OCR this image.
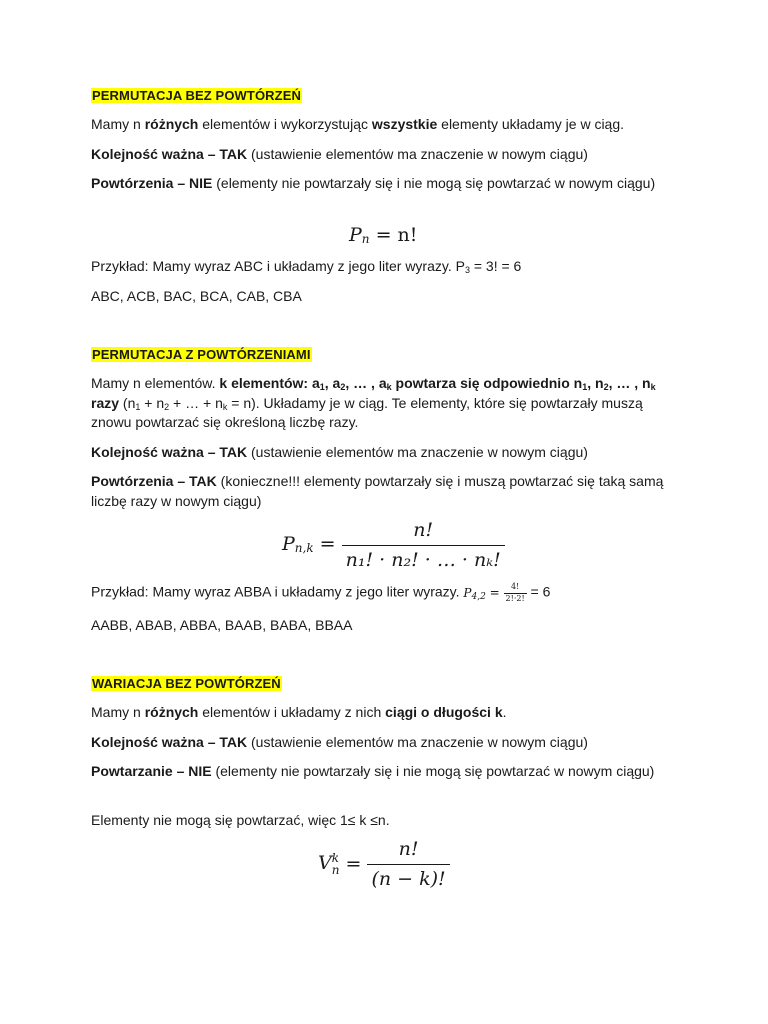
PERMUTACJA BEZ POWTÓRZEŃ
Mamy n różnych elementów i wykorzystując wszystkie elementy układamy je w ciąg.
Kolejność ważna – TAK (ustawienie elementów ma znaczenie w nowym ciągu)
Powtórzenia – NIE (elementy nie powtarzały się i nie mogą się powtarzać w nowym ciągu)
$P_n = n$!
Przykład: Mamy wyraz ABC i układamy z jego liter wyrazy. $P_3 = 3$! = 6
ABC, ACB, BAC, BCA, CAB, CBA
PERMUTACJA Z POWTÓRZENIAMI
Mamy n elementów. k elementów: $a_1$, $a_2$, … , $a_k$ powtarza się odpowiednio $n_1$, $n_2$, … , $n_k$ razy ($n_1 + n_2$ + … + $n_k = n$). Układamy je w ciąg. Te elementy, które się powtarzały muszą znowu powtarzać się określoną liczbę razy.
Kolejność ważna – TAK (ustawienie elementów ma znaczenie w nowym ciągu)
Powtórzenia – TAK (konieczne!!! elementy powtarzały się i muszą powtarzać się taką samą liczbę razy w nowym ciągu)
$P_{n,k} = \frac{n!}{\text{n₁! · n₂! · … · nₖ!}}$
Przykład: Mamy wyraz ABBA i układamy z jego liter wyrazy. $P_{4,2} = \frac{4!}{2!\cdot 2!} = 6$
AABB, ABAB, ABBA, BAAB, BABA, BBAA
WARIACJA BEZ POWTÓRZEŃ
Mamy n różnych elementów i układamy z nich ciągi o długości k.
Kolejność ważna – TAK (ustawienie elementów ma znaczenie w nowym ciągu)
Powtarzanie – NIE (elementy nie powtarzały się i nie mogą się powtarzać w nowym ciągu)
Elementy nie mogą się powtarzać, więc 1≤ k ≤n.
V k
$n = \frac{n!}{(n - k)!}$
